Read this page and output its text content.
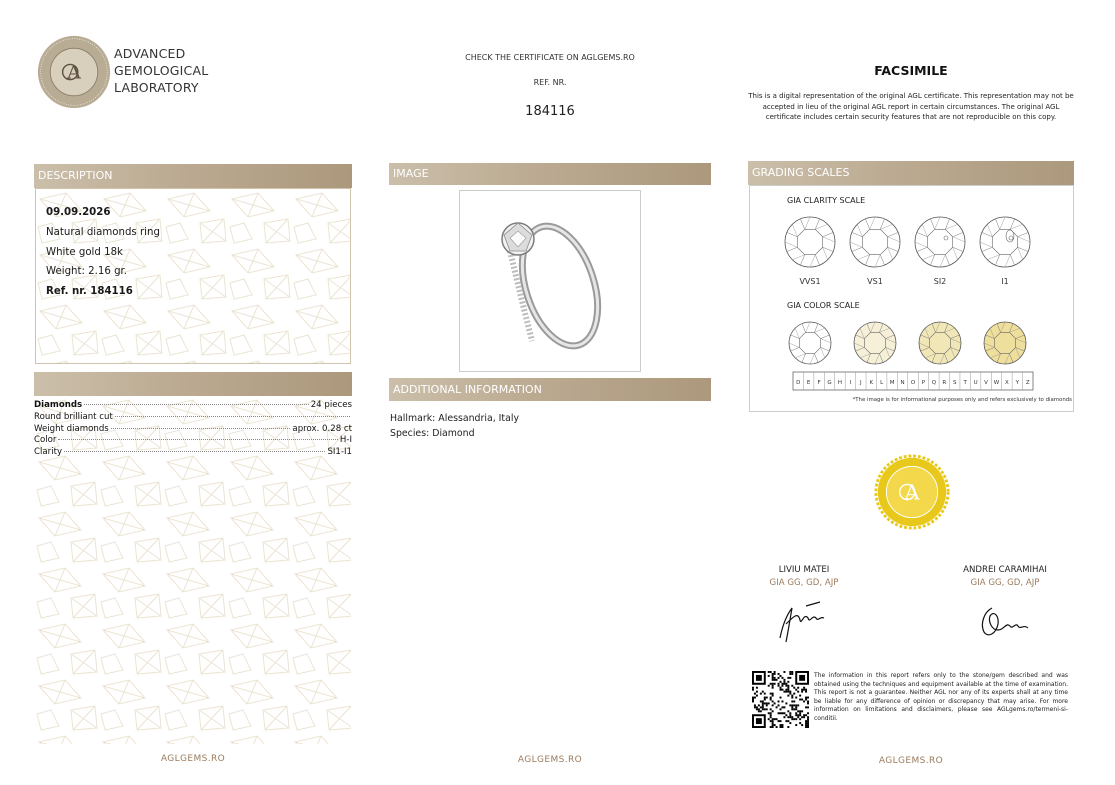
A
ADVANCED
GEMOLOGICAL
LABORATORY
CHECK THE CERTIFICATE ON AGLGEMS.RO
REF. NR.
184116
FACSIMILE
This is a digital representation of the original AGL certificate. This representation may not be accepted in lieu of the original AGL report in certain circumstances. The original AGL certificate includes certain security features that are not reproducible on this copy.
DESCRIPTION
09.09.2026
Natural diamonds ring
White gold 18k
Weight: 2.16 gr.
Ref. nr. 184116
Diamonds	24 pieces
Round brilliant cut
Weight diamonds	aprox. 0.28 ct
Color	H-I
Clarity	SI1-I1
IMAGE
ADDITIONAL INFORMATION
Hallmark: Alessandria, Italy
Species: Diamond
GRADING SCALES
GIA CLARITY SCALE
GIA COLOR SCALE
VVS1	VS1	SI2	I1
D E F G H I J K L M N O P Q R S T U V W X Y Z
*The image is for informational purposes only and refers exclusively to diamonds
A
LIVIU MATEI
GIA GG, GD, AJP
ANDREI CARAMIHAI
GIA GG, GD, AJP
The information in this report refers only to the stone/gem described and was obtained using the techniques and equipment available at the time of examination. This report is not a guarantee. Neither AGL nor any of its experts shall at any time be liable for any difference of opinion or discrepancy that may arise. For more information on limitations and disclaimers, please see AGLgems.ro/termeni-si-conditii.
AGLGEMS.RO	AGLGEMS.RO	AGLGEMS.RO
